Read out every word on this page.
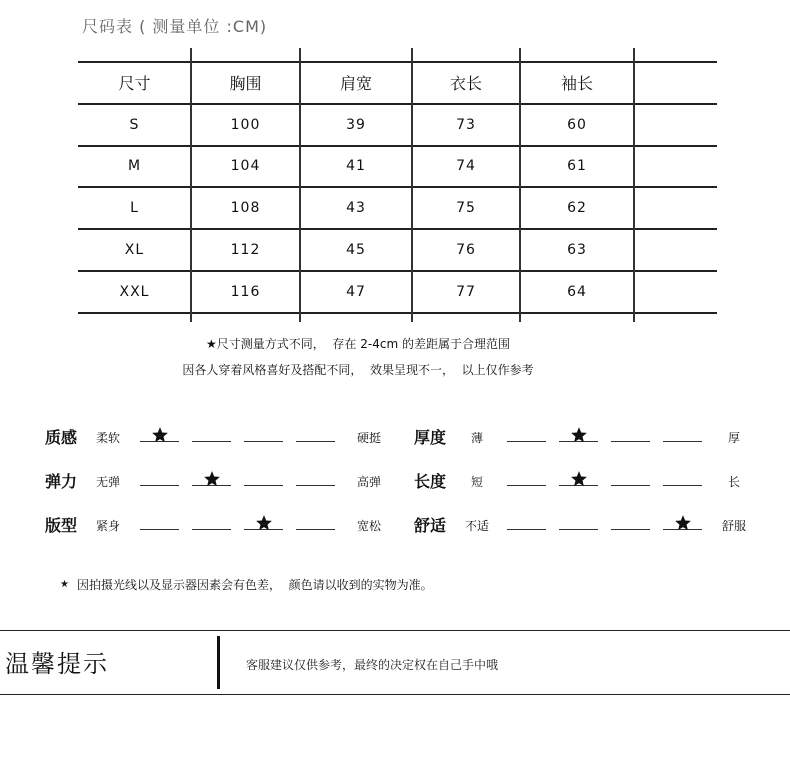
尺码表 ( 测量单位 :CM)
尺寸	胸围	肩宽	衣长	袖长
S	100	39	73	60
M	104	41	74	61
L	108	43	75	62
XL	112	45	76	63
XXL	116	47	77	64
★尺寸测量方式不同，  存在 2-4cm 的差距属于合理范围
因各人穿着风格喜好及搭配不同，  效果呈现不一，  以上仅作参考
质感	柔软	硬挺
弹力	无弹	高弹
版型	紧身	宽松
厚度	薄	厚
长度	短	长
舒适	不适	舒服
★ 因拍摄光线以及显示器因素会有色差，  颜色请以收到的实物为准。
温馨提示	客服建议仅供参考，最终的决定权在自己手中哦
